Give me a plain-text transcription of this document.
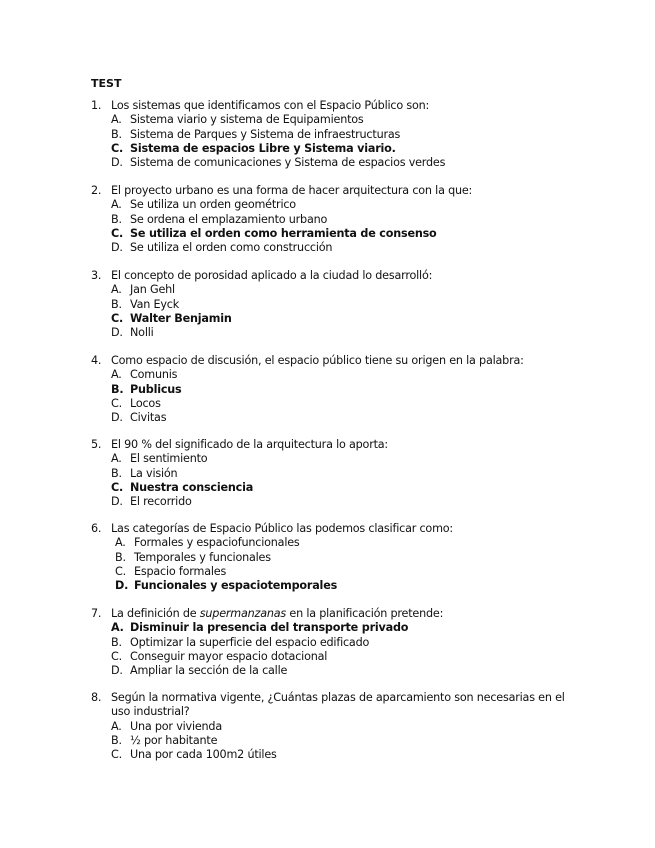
TEST
1. Los sistemas que identificamos con el Espacio Público son:
A. Sistema viario y sistema de Equipamientos
B. Sistema de Parques y Sistema de infraestructuras
C. Sistema de espacios Libre y Sistema viario.
D. Sistema de comunicaciones y Sistema de espacios verdes
2. El proyecto urbano es una forma de hacer arquitectura con la que:
A. Se utiliza un orden geométrico
B. Se ordena el emplazamiento urbano
C. Se utiliza el orden como herramienta de consenso
D. Se utiliza el orden como construcción
3. El concepto de porosidad aplicado a la ciudad lo desarrolló:
A. Jan Gehl
B. Van Eyck
C. Walter Benjamin
D. Nolli
4. Como espacio de discusión, el espacio público tiene su origen en la palabra:
A. Comunis
B. Publicus
C. Locos
D. Civitas
5. El 90 % del significado de la arquitectura lo aporta:
A. El sentimiento
B. La visión
C. Nuestra consciencia
D. El recorrido
6. Las categorías de Espacio Público las podemos clasificar como:
A. Formales y espaciofuncionales
B. Temporales y funcionales
C. Espacio formales
D. Funcionales y espaciotemporales
7. La definición de supermanzanas en la planificación pretende:
A. Disminuir la presencia del transporte privado
B. Optimizar la superficie del espacio edificado
C. Conseguir mayor espacio dotacional
D. Ampliar la sección de la calle
8. Según la normativa vigente, ¿Cuántas plazas de aparcamiento son necesarias en el uso industrial?
A. Una por vivienda
B. ½ por habitante
C. Una por cada 100m2 útiles
